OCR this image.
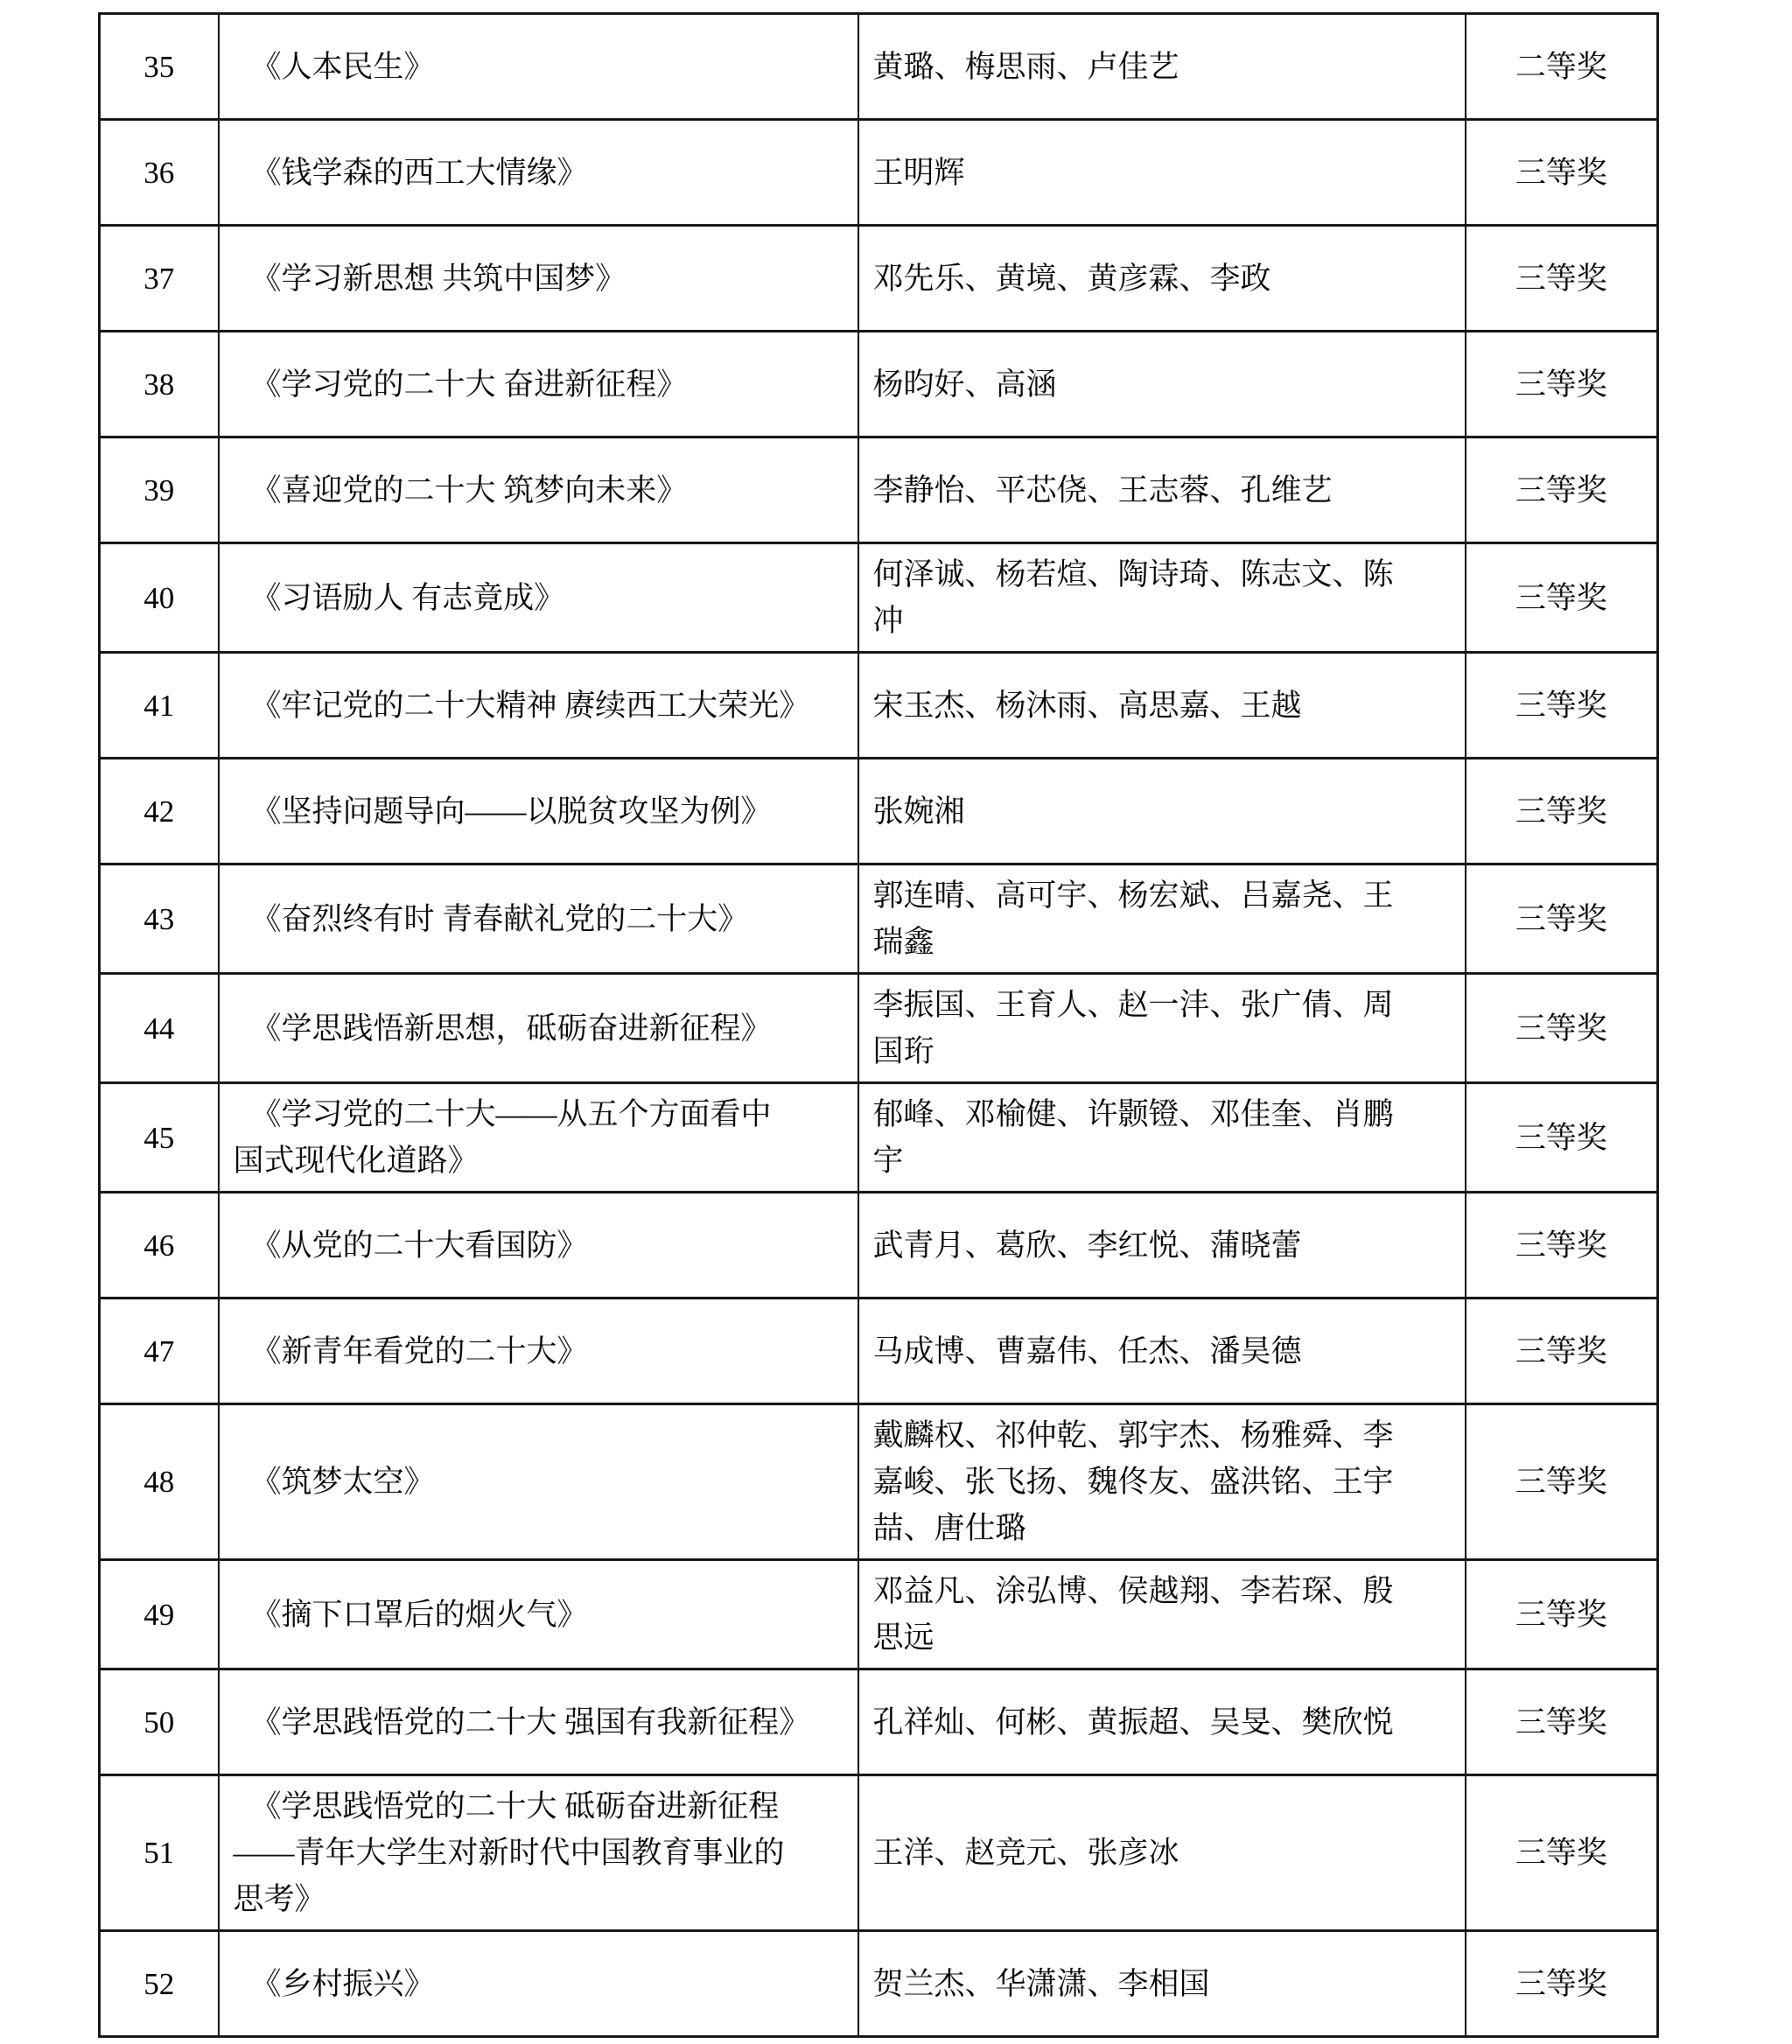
35	《人本民生》	黄璐、梅思雨、卢佳艺	二等奖
36	《钱学森的西工大情缘》	王明辉	三等奖
37	《学习新思想 共筑中国梦》	邓先乐、黄境、黄彦霖、李政	三等奖
38	《学习党的二十大 奋进新征程》	杨昀好、高涵	三等奖
39	《喜迎党的二十大 筑梦向未来》	李静怡、平芯侥、王志蓉、孔维艺	三等奖
40	《习语励人 有志竟成》	何泽诚、杨若煊、陶诗琦、陈志文、陈冲	三等奖
41	《牢记党的二十大精神 赓续西工大荣光》	宋玉杰、杨沐雨、高思嘉、王越	三等奖
42	《坚持问题导向——以脱贫攻坚为例》	张婉湘	三等奖
43	《奋烈终有时 青春献礼党的二十大》	郭连晴、高可宇、杨宏斌、吕嘉尧、王瑞鑫	三等奖
44	《学思践悟新思想，砥砺奋进新征程》	李振国、王育人、赵一沣、张广倩、周国珩	三等奖
45	《学习党的二十大——从五个方面看中国式现代化道路》	郁峰、邓榆健、许颢镫、邓佳奎、肖鹏宇	三等奖
46	《从党的二十大看国防》	武青月、葛欣、李红悦、蒲晓蕾	三等奖
47	《新青年看党的二十大》	马成博、曹嘉伟、任杰、潘昊德	三等奖
48	《筑梦太空》	戴麟权、祁仲乾、郭宇杰、杨雅舜、李嘉峻、张飞扬、魏佟友、盛洪铭、王宇喆、唐仕璐	三等奖
49	《摘下口罩后的烟火气》	邓益凡、涂弘博、侯越翔、李若琛、殷思远	三等奖
50	《学思践悟党的二十大 强国有我新征程》	孔祥灿、何彬、黄振超、吴旻、樊欣悦	三等奖
51	《学思践悟党的二十大 砥砺奋进新征程——青年大学生对新时代中国教育事业的思考》	王洋、赵竞元、张彦冰	三等奖
52	《乡村振兴》	贺兰杰、华潇潇、李相国	三等奖
